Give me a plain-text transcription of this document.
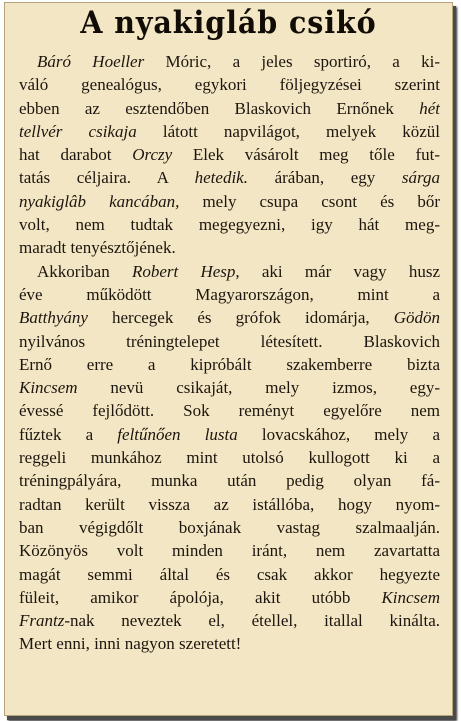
A nyakigláb csikó
Báró Hoeller Móric, a jeles sportiró, a ki-
váló genealógus, egykori följegyzései szerint
ebben az esztendőben Blaskovich Ernőnek hét
tellvér csikaja látott napvilágot, melyek közül
hat darabot Orczy Elek vásárolt meg tőle fut-
tatás céljaira. A hetedik. árában, egy sárga
nyakiglâb kancában, mely csupa csont és bőr
volt, nem tudtak megegyezni, igy hát meg-
maradt tenyésztőjének.
Akkoriban Robert Hesp, aki már vagy husz
éve működött Magyarországon, mint a
Batthyány hercegek és grófok idomárja, Gödön
nyilvános tréningtelepet létesített. Blaskovich
Ernő erre a kipróbált szakemberre bizta
Kincsem nevü csikaját, mely izmos, egy-
évessé fejlődött. Sok reményt egyelőre nem
fűztek a feltűnően lusta lovacskához, mely a
reggeli munkához mint utolsó kullogott ki a
tréningpályára, munka után pedig olyan fá-
radtan került vissza az istállóba, hogy nyom-
ban végigdőlt boxjának vastag szalmaalján.
Közönyös volt minden iránt, nem zavartatta
magát semmi által és csak akkor hegyezte
füleit, amikor ápolója, akit utóbb Kincsem
Frantz-nak neveztek el, étellel, itallal kinálta.
Mert enni, inni nagyon szeretett!
